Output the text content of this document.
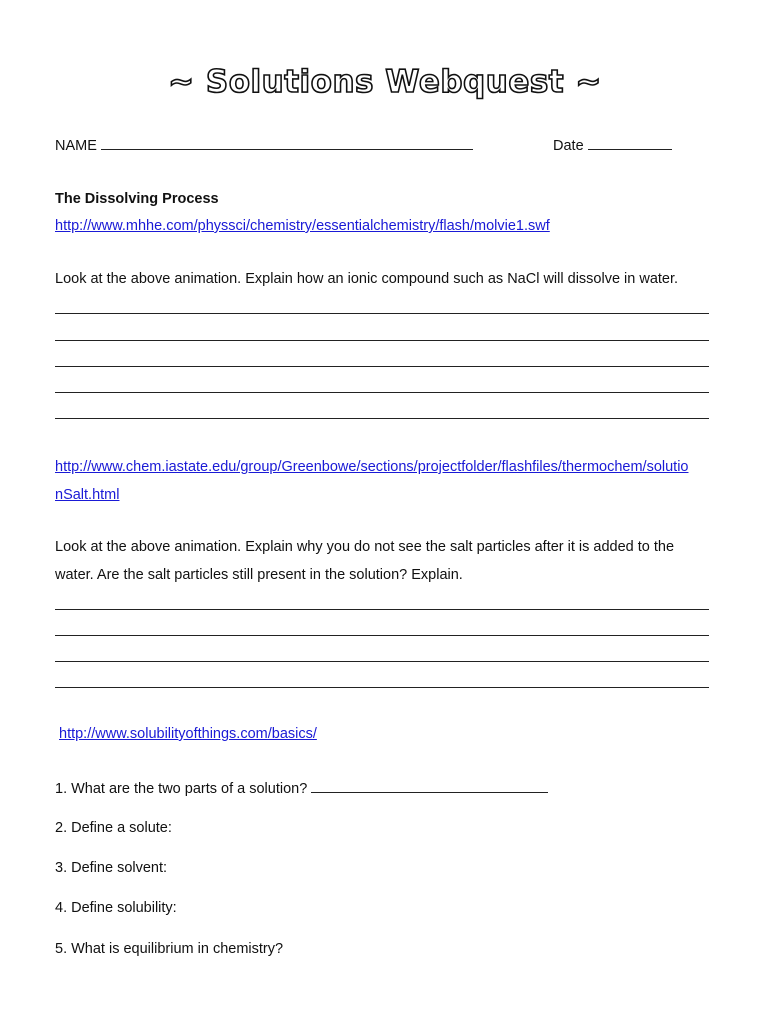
~ Solutions Webquest ~
NAME	Date
The Dissolving Process
http://www.mhhe.com/physsci/chemistry/essentialchemistry/flash/molvie1.swf
Look at the above animation. Explain how an ionic compound such as NaCl will dissolve in water.
http://www.chem.iastate.edu/group/Greenbowe/sections/projectfolder/flashfiles/thermochem/solutio
nSalt.html
Look at the above animation. Explain why you do not see the salt particles after it is added to the
water. Are the salt particles still present in the solution? Explain.
http://www.solubilityofthings.com/basics/
1. What are the two parts of a solution?
2. Define a solute:
3. Define solvent:
4. Define solubility:
5. What is equilibrium in chemistry?
